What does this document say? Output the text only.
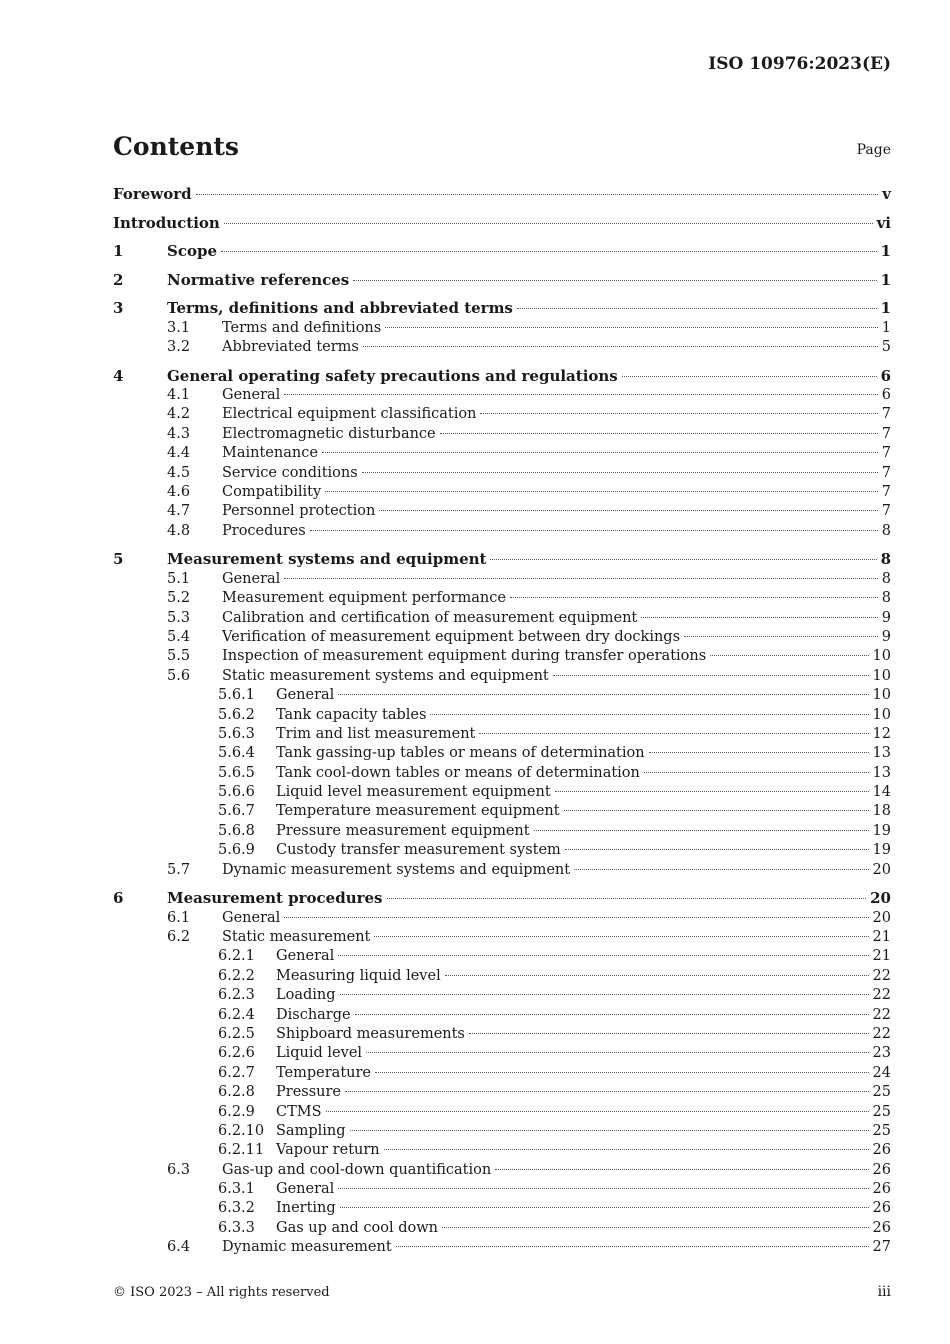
ISO 10976:2023(E)
Contents	Page
Foreword	v
Introduction	vi
1	Scope	1
2	Normative references	1
3	Terms, definitions and abbreviated terms	1
3.1 Terms and definitions	1
3.2 Abbreviated terms	5
4	General operating safety precautions and regulations	6
4.1 General	6
4.2 Electrical equipment classification	7
4.3 Electromagnetic disturbance	7
4.4 Maintenance	7
4.5 Service conditions	7
4.6 Compatibility	7
4.7 Personnel protection	7
4.8 Procedures	8
5	Measurement systems and equipment	8
5.1 General	8
5.2 Measurement equipment performance	8
5.3 Calibration and certification of measurement equipment	9
5.4 Verification of measurement equipment between dry dockings	9
5.5 Inspection of measurement equipment during transfer operations	10
5.6 Static measurement systems and equipment	10
5.6.1 General	10
5.6.2 Tank capacity tables	10
5.6.3 Trim and list measurement	12
5.6.4 Tank gassing-up tables or means of determination	13
5.6.5 Tank cool-down tables or means of determination	13
5.6.6 Liquid level measurement equipment	14
5.6.7 Temperature measurement equipment	18
5.6.8 Pressure measurement equipment	19
5.6.9 Custody transfer measurement system	19
5.7 Dynamic measurement systems and equipment	20
6	Measurement procedures	20
6.1 General	20
6.2 Static measurement	21
6.2.1 General	21
6.2.2 Measuring liquid level	22
6.2.3 Loading	22
6.2.4 Discharge	22
6.2.5 Shipboard measurements	22
6.2.6 Liquid level	23
6.2.7 Temperature	24
6.2.8 Pressure	25
6.2.9 CTMS	25
6.2.10 Sampling	25
6.2.11 Vapour return	26
6.3 Gas-up and cool-down quantification	26
6.3.1 General	26
6.3.2 Inerting	26
6.3.3 Gas up and cool down	26
6.4 Dynamic measurement	27
© ISO 2023 – All rights reserved	iii
